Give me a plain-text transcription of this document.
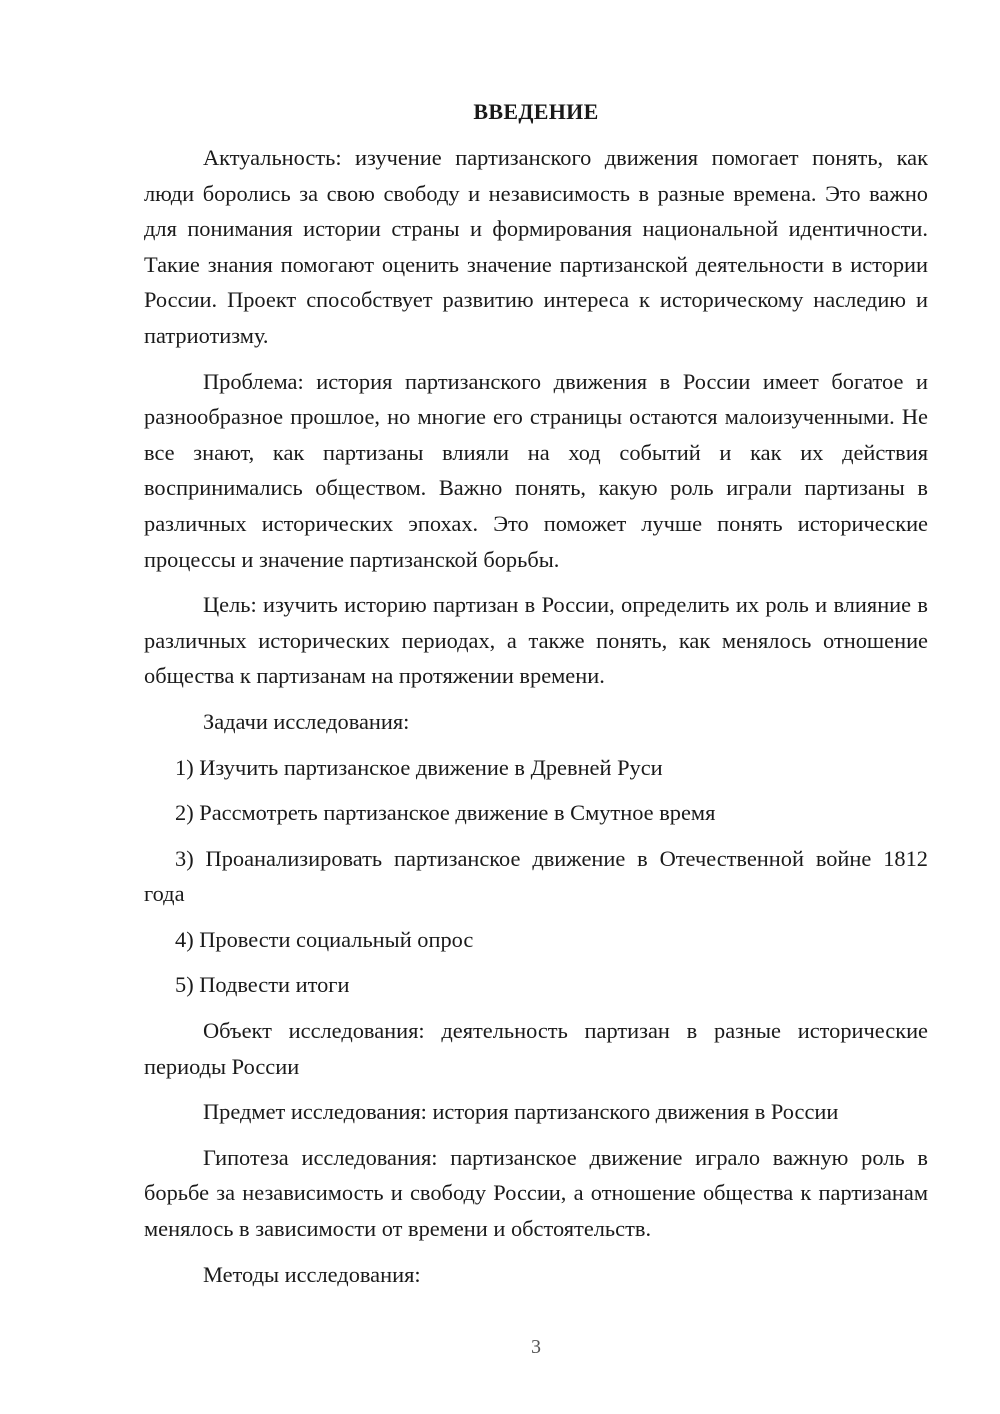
ВВЕДЕНИЕ

Актуальность: изучение партизанского движения помогает понять, как люди боролись за свою свободу и независимость в разные времена. Это важно для понимания истории страны и формирования национальной идентичности. Такие знания помогают оценить значение партизанской деятельности в истории России. Проект способствует развитию интереса к историческому наследию и патриотизму.

Проблема: история партизанского движения в России имеет богатое и разнообразное прошлое, но многие его страницы остаются малоизученными. Не все знают, как партизаны влияли на ход событий и как их действия воспринимались обществом. Важно понять, какую роль играли партизаны в различных исторических эпохах. Это поможет лучше понять исторические процессы и значение партизанской борьбы.

Цель: изучить историю партизан в России, определить их роль и влияние в различных исторических периодах, а также понять, как менялось отношение общества к партизанам на протяжении времени.

Задачи исследования:

1) Изучить партизанское движение в Древней Руси

2) Рассмотреть партизанское движение в Смутное время

3) Проанализировать партизанское движение в Отечественной войне 1812 года

4) Провести социальный опрос

5) Подвести итоги

Объект исследования: деятельность партизан в разные исторические периоды России

Предмет исследования: история партизанского движения в России

Гипотеза исследования: партизанское движение играло важную роль в борьбе за независимость и свободу России, а отношение общества к партизанам менялось в зависимости от времени и обстоятельств.

Методы исследования:

3
